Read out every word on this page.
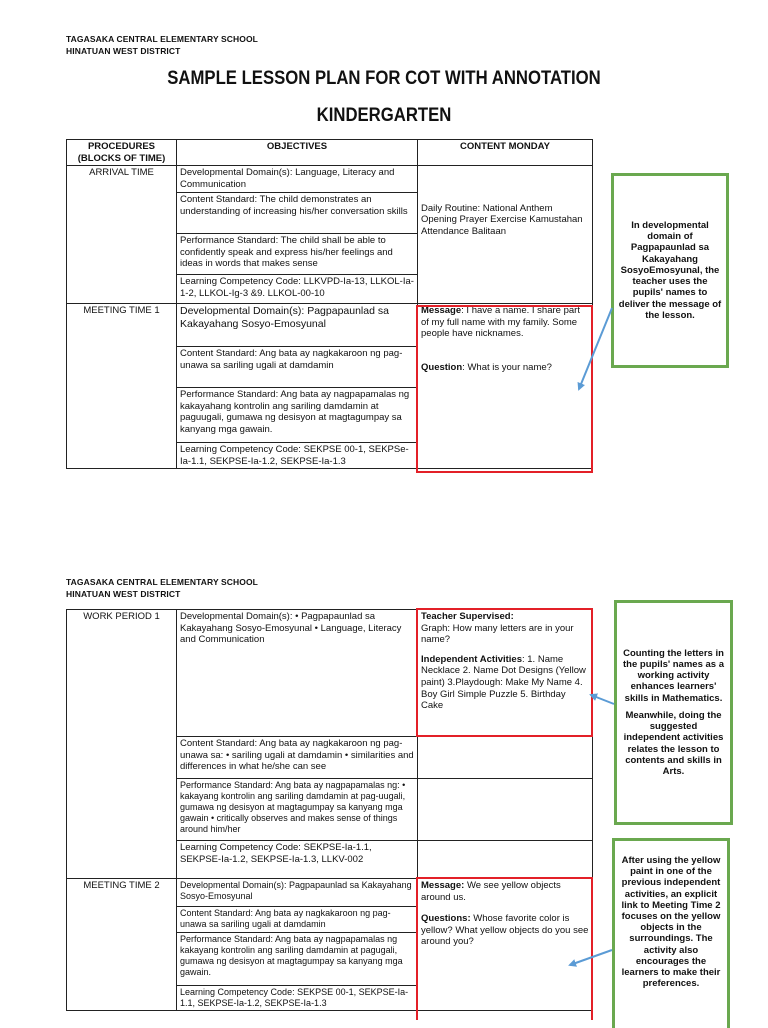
TAGASAKA CENTRAL ELEMENTARY SCHOOL
HINATUAN WEST DISTRICT
SAMPLE LESSON PLAN FOR COT WITH ANNOTATION
KINDERGARTEN
PROCEDURES (BLOCKS OF TIME)	OBJECTIVES	CONTENT MONDAY
ARRIVAL TIME	Developmental Domain(s): Language, Literacy and Communication	Daily Routine: National Anthem Opening Prayer Exercise Kamustahan Attendance Balitaan
	Content Standard: The child demonstrates an understanding of increasing his/her conversation skills	
	Performance Standard: The child shall be able to confidently speak and express his/her feelings and ideas in words that makes sense	
	Learning Competency Code: LLKVPD-Ia-13, LLKOL-Ia-1-2, LLKOL-Ig-3 &9. LLKOL-00-10	
MEETING TIME 1	Developmental Domain(s): Pagpapaunlad sa Kakayahang Sosyo-Emosyunal	Message: I have a name. I share part of my full name with my family. Some people have nicknames.

Question: What is your name?

	Content Standard: Ang bata ay nagkakaroon ng pag-unawa sa sariling ugali at damdamin	
	Performance Standard: Ang bata ay nagpapamalas ng kakayahang kontrolin ang sariling damdamin at paguugali, gumawa ng desisyon at magtagumpay sa kanyang mga gawain.	
	Learning Competency Code: SEKPSE 00-1, SEKPSe-Ia-1.1, SEKPSE-Ia-1.2, SEKPSE-Ia-1.3	
In developmental domain of Pagpapaunlad sa Kakayahang SosyoEmosyunal, the teacher uses the pupils' names to deliver the message of the lesson.
TAGASAKA CENTRAL ELEMENTARY SCHOOL
HINATUAN WEST DISTRICT
WORK PERIOD 1	Developmental Domain(s): • Pagpapaunlad sa Kakayahang Sosyo-Emosyunal • Language, Literacy and Communication	Teacher Supervised:

Graph: How many letters are in your name?

Independent Activities: 1. Name Necklace 2. Name Dot Designs (Yellow paint) 3.Playdough: Make My Name 4. Boy Girl Simple Puzzle 5. Birthday Cake

	Content Standard: Ang bata ay nagkakaroon ng pag-unawa sa: • sariling ugali at damdamin • similarities and differences in what he/she can see	
	Performance Standard: Ang bata ay nagpapamalas ng: • kakayang kontrolin ang sariling damdamin at pag-uugali, gumawa ng desisyon at magtagumpay sa kanyang mga gawain • critically observes and makes sense of things around him/her	
	Learning Competency Code: SEKPSE-Ia-1.1, SEKPSE-Ia-1.2, SEKPSE-Ia-1.3, LLKV-002	
MEETING TIME 2	Developmental Domain(s): Pagpapaunlad sa Kakayahang Sosyo-Emosyunal	Message: We see yellow objects around us.

Questions: Whose favorite color is yellow? What yellow objects do you see around you?

	Content Standard: Ang bata ay nagkakaroon ng pag-unawa sa sariling ugali at damdamin	
	Performance Standard: Ang bata ay nagpapamalas ng kakayang kontrolin ang sariling damdamin at pagugali, gumawa ng desisyon at magtagumpay sa kanyang mga gawain.	
	Learning Competency Code: SEKPSE 00-1, SEKPSE-Ia-1.1, SEKPSE-Ia-1.2, SEKPSE-Ia-1.3	

Counting the letters in the pupils' names as a working activity enhances learners' skills in Mathematics.

Meanwhile, doing the suggested independent activities relates the lesson to contents and skills in Arts.

After using the yellow paint in one of the previous independent activities, an explicit link to Meeting Time 2 focuses on the yellow objects in the surroundings. The activity also encourages the learners to make their preferences.
